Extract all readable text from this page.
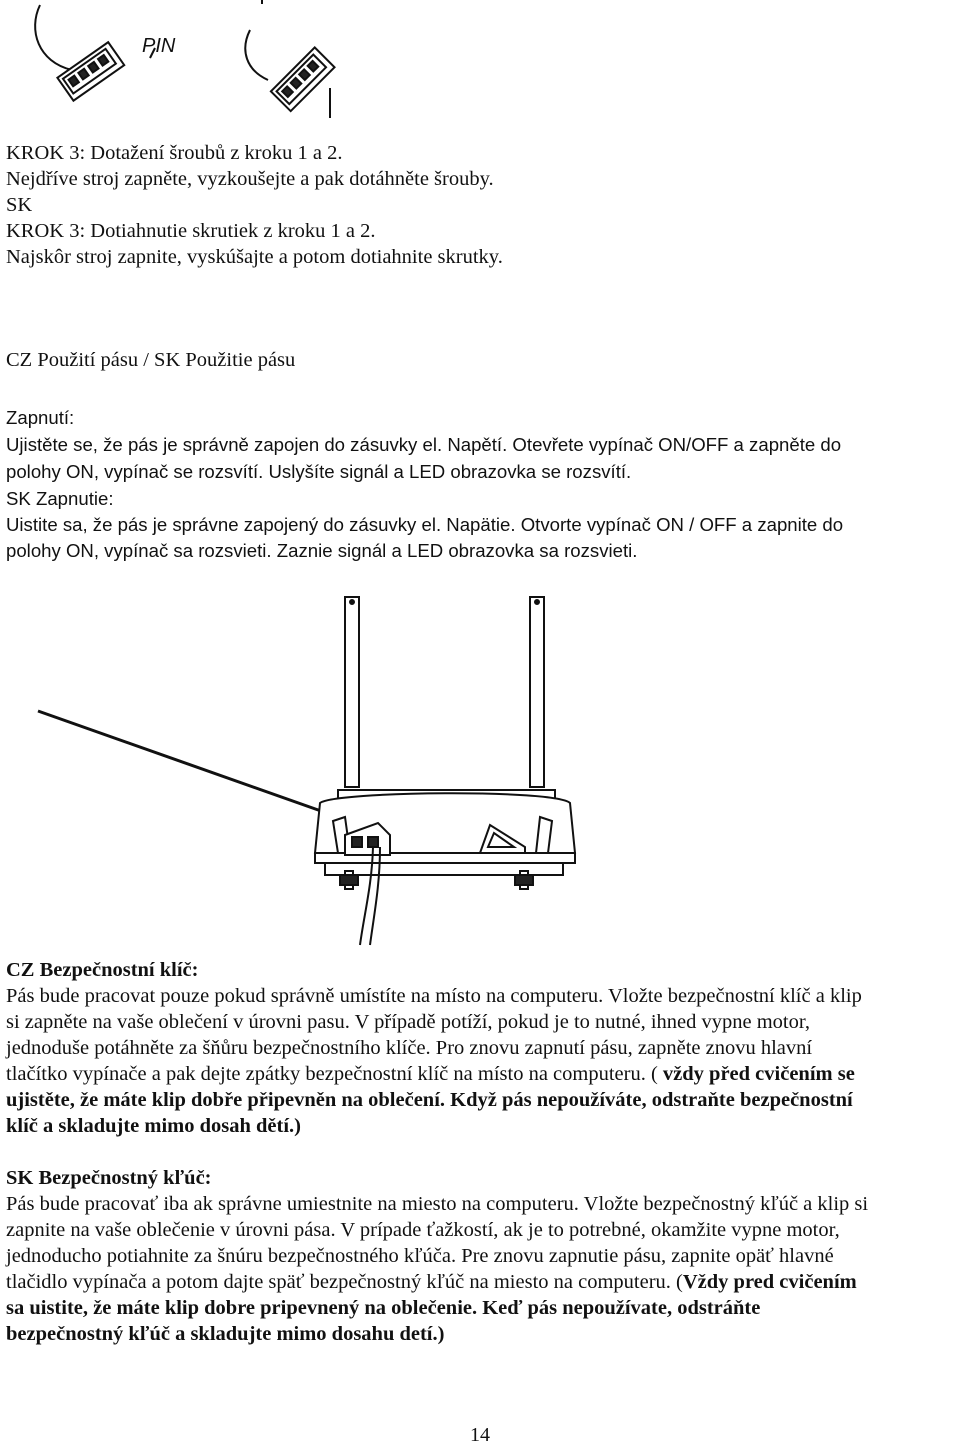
PIN
KROK 3: Dotažení šroubů z kroku 1 a 2.
Nejdříve stroj zapněte, vyzkoušejte a pak dotáhněte šrouby.
SK
KROK 3: Dotiahnutie skrutiek z kroku 1 a 2.
Najskôr stroj zapnite, vyskúšajte a potom dotiahnite skrutky.
CZ Použití pásu / SK Použitie pásu
Zapnutí:
Ujistěte se, že pás je správně zapojen do zásuvky el. Napětí. Otevřete vypínač ON/OFF a zapněte do
polohy ON, vypínač se rozsvítí. Uslyšíte signál a LED obrazovka se rozsvítí.
SK Zapnutie:
Uistite sa, že pás je správne zapojený do zásuvky el. Napätie. Otvorte vypínač ON / OFF a zapnite do
polohy ON, vypínač sa rozsvieti. Zaznie signál a LED obrazovka sa rozsvieti.
CZ Bezpečnostní klíč:
Pás bude pracovat pouze pokud správně umístíte na místo na computeru. Vložte bezpečnostní klíč a klip
si zapněte na vaše oblečení v úrovni pasu. V případě potíží, pokud je to nutné, ihned vypne motor,
jednoduše potáhněte za šňůru bezpečnostního klíče. Pro znovu zapnutí pásu, zapněte znovu hlavní
tlačítko vypínače a pak dejte zpátky bezpečnostní klíč na místo na computeru. ( vždy před cvičením se
ujistěte, že máte klip dobře připevněn na oblečení. Když pás nepoužíváte, odstraňte bezpečnostní
klíč a skladujte mimo dosah dětí.)
SK Bezpečnostný kľúč:
Pás bude pracovať iba ak správne umiestnite na miesto na computeru. Vložte bezpečnostný kľúč a klip si
zapnite na vaše oblečenie v úrovni pása. V prípade ťažkostí, ak je to potrebné, okamžite vypne motor,
jednoducho potiahnite za šnúru bezpečnostného kľúča. Pre znovu zapnutie pásu, zapnite opäť hlavné
tlačidlo vypínača a potom dajte späť bezpečnostný kľúč na miesto na computeru. (Vždy pred cvičením
sa uistite, že máte klip dobre pripevnený na oblečenie. Keď pás nepoužívate, odstráňte
bezpečnostný kľúč a skladujte mimo dosahu detí.)
14
